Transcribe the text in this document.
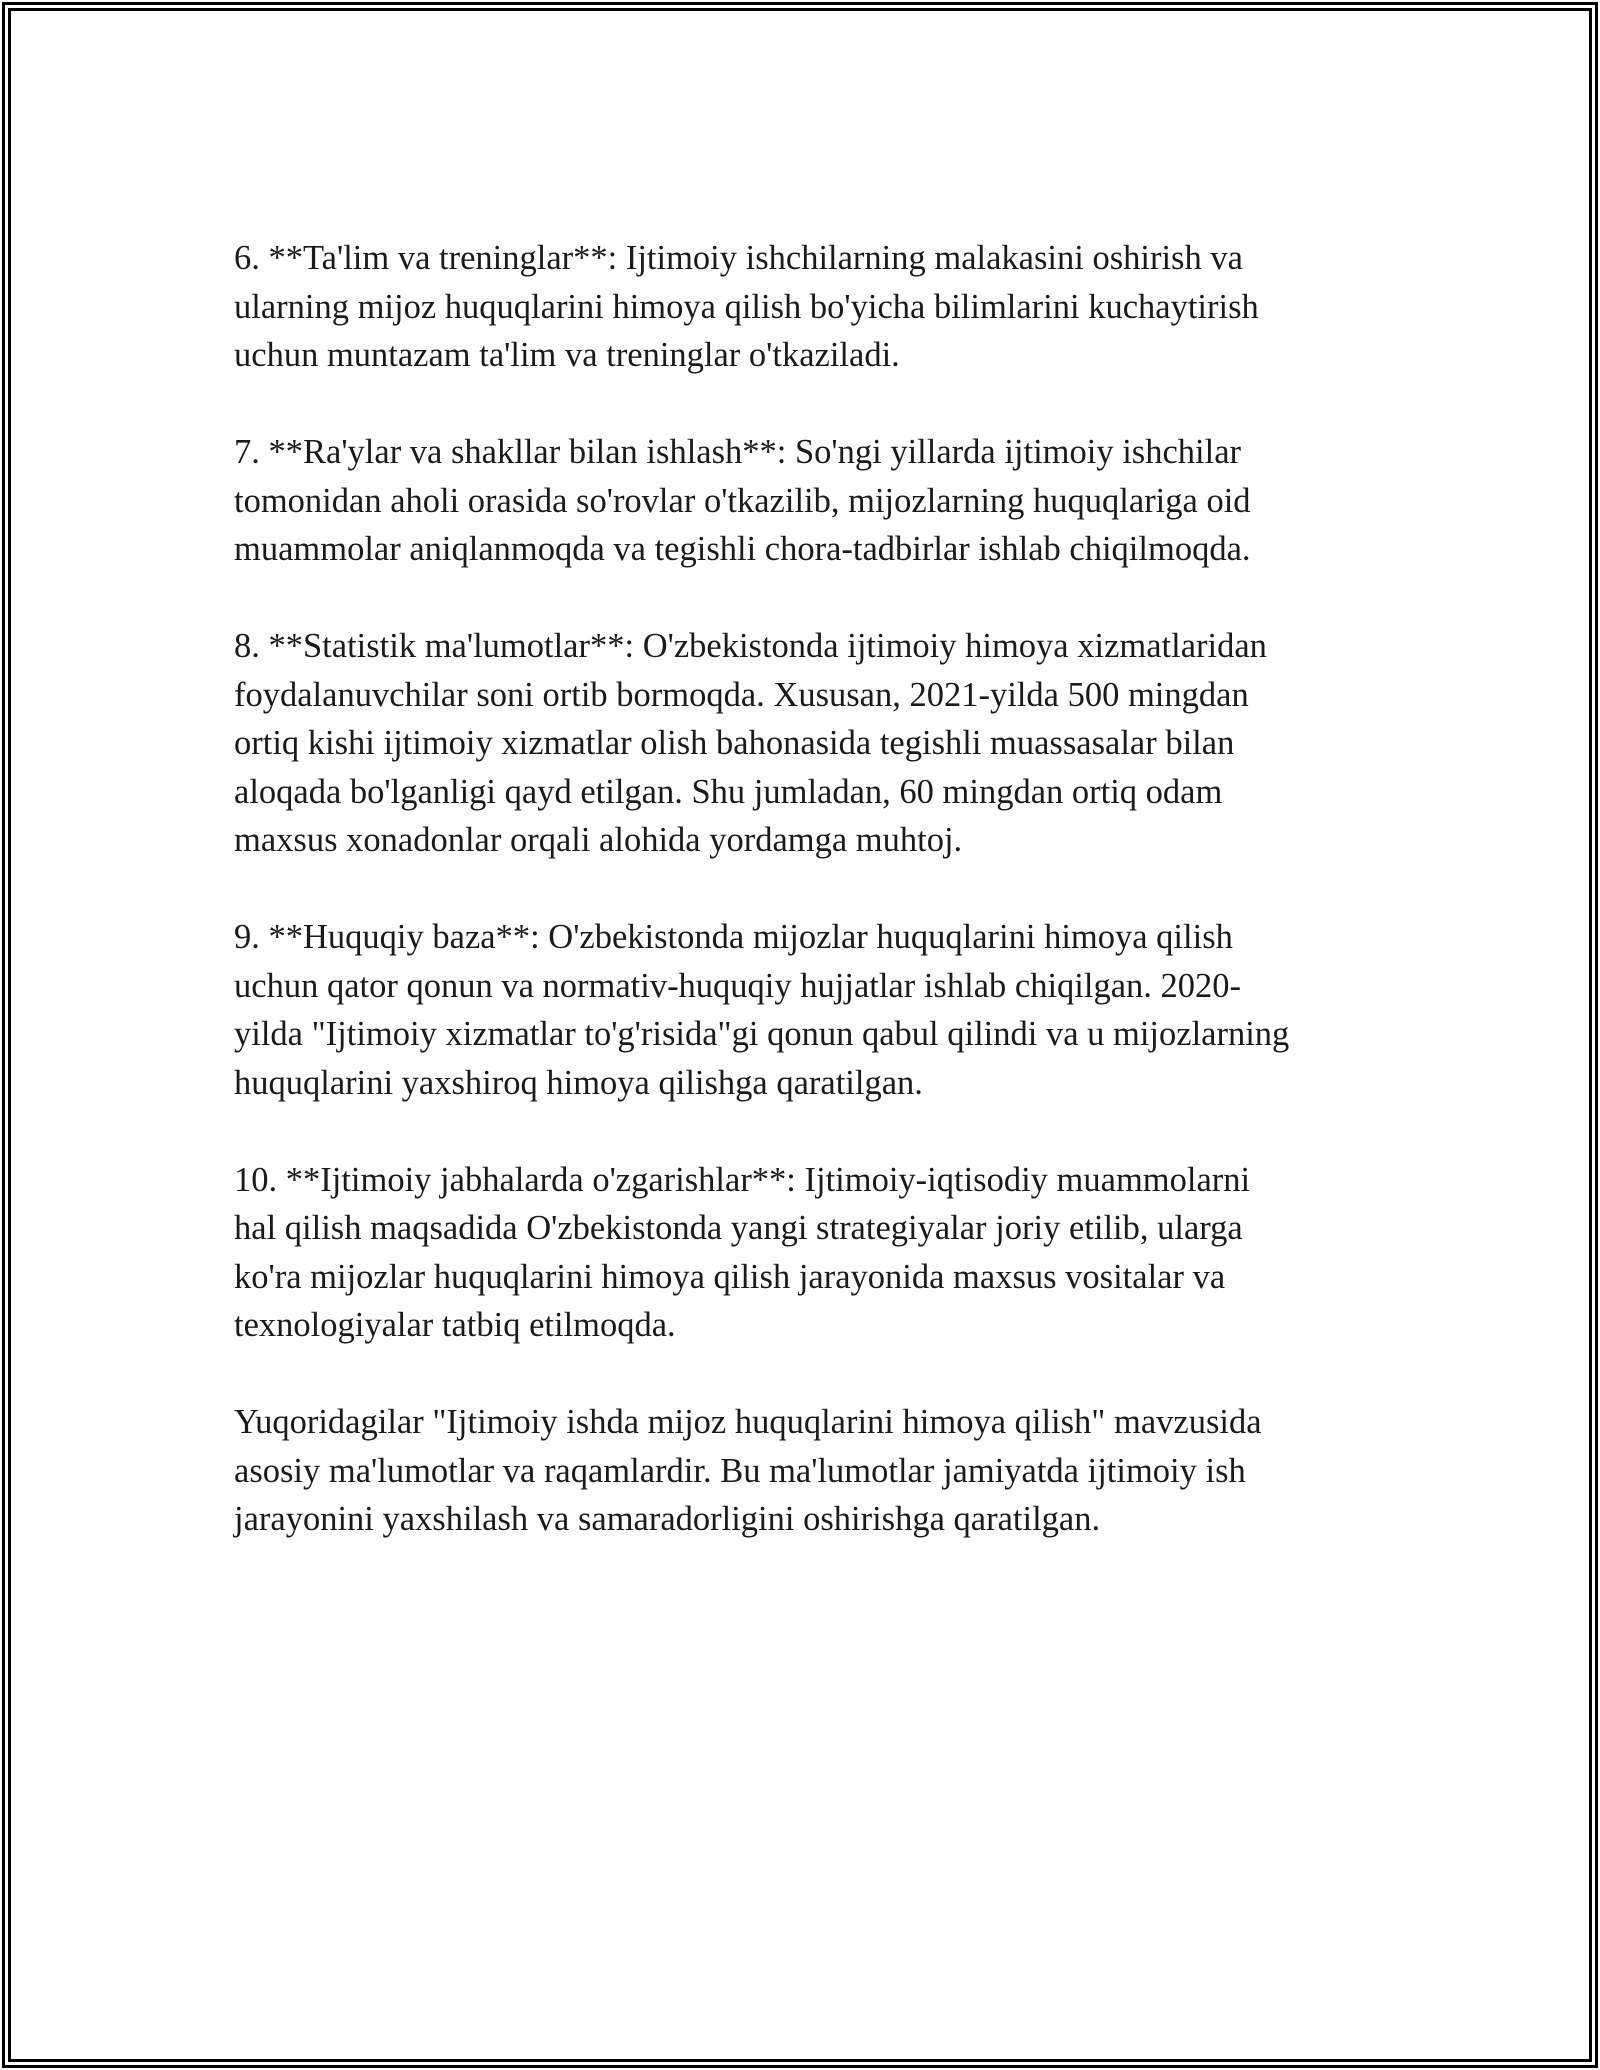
6. **Ta'lim va treninglar**: Ijtimoiy ishchilarning malakasini oshirish va
ularning mijoz huquqlarini himoya qilish bo'yicha bilimlarini kuchaytirish
uchun muntazam ta'lim va treninglar o'tkaziladi.

7. **Ra'ylar va shakllar bilan ishlash**: So'ngi yillarda ijtimoiy ishchilar
tomonidan aholi orasida so'rovlar o'tkazilib, mijozlarning huquqlariga oid
muammolar aniqlanmoqda va tegishli chora-tadbirlar ishlab chiqilmoqda.

8. **Statistik ma'lumotlar**: O'zbekistonda ijtimoiy himoya xizmatlaridan
foydalanuvchilar soni ortib bormoqda. Xususan, 2021-yilda 500 mingdan
ortiq kishi ijtimoiy xizmatlar olish bahonasida tegishli muassasalar bilan
aloqada bo'lganligi qayd etilgan. Shu jumladan, 60 mingdan ortiq odam
maxsus xonadonlar orqali alohida yordamga muhtoj.

9. **Huquqiy baza**: O'zbekistonda mijozlar huquqlarini himoya qilish
uchun qator qonun va normativ-huquqiy hujjatlar ishlab chiqilgan. 2020-
yilda "Ijtimoiy xizmatlar to'g'risida"gi qonun qabul qilindi va u mijozlarning
huquqlarini yaxshiroq himoya qilishga qaratilgan.

10. **Ijtimoiy jabhalarda o'zgarishlar**: Ijtimoiy-iqtisodiy muammolarni
hal qilish maqsadida O'zbekistonda yangi strategiyalar joriy etilib, ularga
ko'ra mijozlar huquqlarini himoya qilish jarayonida maxsus vositalar va
texnologiyalar tatbiq etilmoqda.

Yuqoridagilar "Ijtimoiy ishda mijoz huquqlarini himoya qilish" mavzusida
asosiy ma'lumotlar va raqamlardir. Bu ma'lumotlar jamiyatda ijtimoiy ish
jarayonini yaxshilash va samaradorligini oshirishga qaratilgan.
